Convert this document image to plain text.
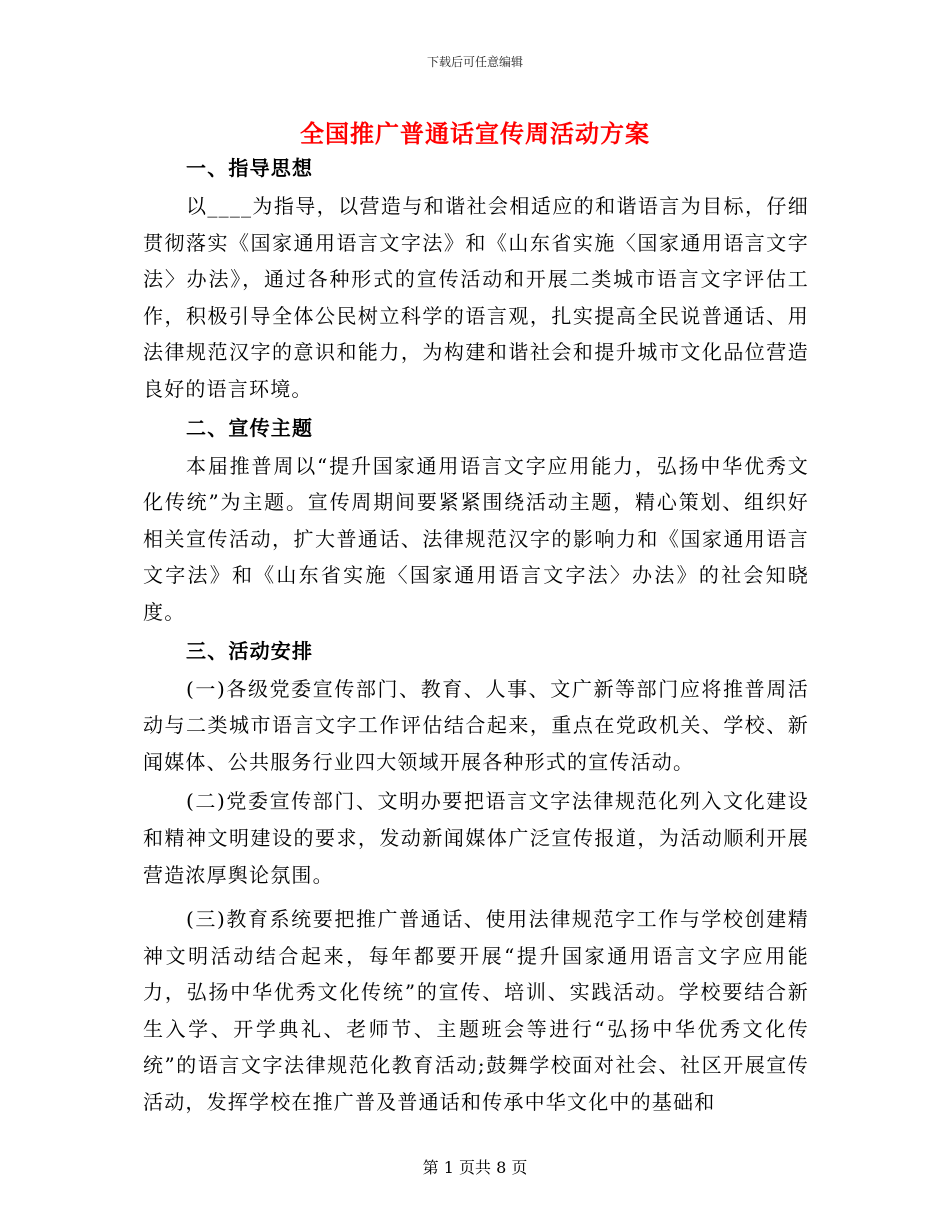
下载后可任意编辑
全国推广普通话宣传周活动方案
一、指导思想

以____为指导，以营造与和谐社会相适应的和谐语言为目标，仔细贯彻落实《国家通用语言文字法》和《山东省实施〈国家通用语言文字法〉办法》，通过各种形式的宣传活动和开展二类城市语言文字评估工作，积极引导全体公民树立科学的语言观，扎实提高全民说普通话、用法律规范汉字的意识和能力，为构建和谐社会和提升城市文化品位营造良好的语言环境。

二、宣传主题

本届推普周以“提升国家通用语言文字应用能力，弘扬中华优秀文化传统”为主题。宣传周期间要紧紧围绕活动主题，精心策划、组织好相关宣传活动，扩大普通话、法律规范汉字的影响力和《国家通用语言文字法》和《山东省实施〈国家通用语言文字法〉办法》的社会知晓度。

三、活动安排

(一)各级党委宣传部门、教育、人事、文广新等部门应将推普周活动与二类城市语言文字工作评估结合起来，重点在党政机关、学校、新闻媒体、公共服务行业四大领域开展各种形式的宣传活动。

(二)党委宣传部门、文明办要把语言文字法律规范化列入文化建设和精神文明建设的要求，发动新闻媒体广泛宣传报道，为活动顺利开展营造浓厚舆论氛围。

(三)教育系统要把推广普通话、使用法律规范字工作与学校创建精神文明活动结合起来，每年都要开展“提升国家通用语言文字应用能力，弘扬中华优秀文化传统”的宣传、培训、实践活动。学校要结合新生入学、开学典礼、老师节、主题班会等进行“弘扬中华优秀文化传统”的语言文字法律规范化教育活动;鼓舞学校面对社会、社区开展宣传活动，发挥学校在推广普及普通话和传承中华文化中的基础和

第 1 页共 8 页
